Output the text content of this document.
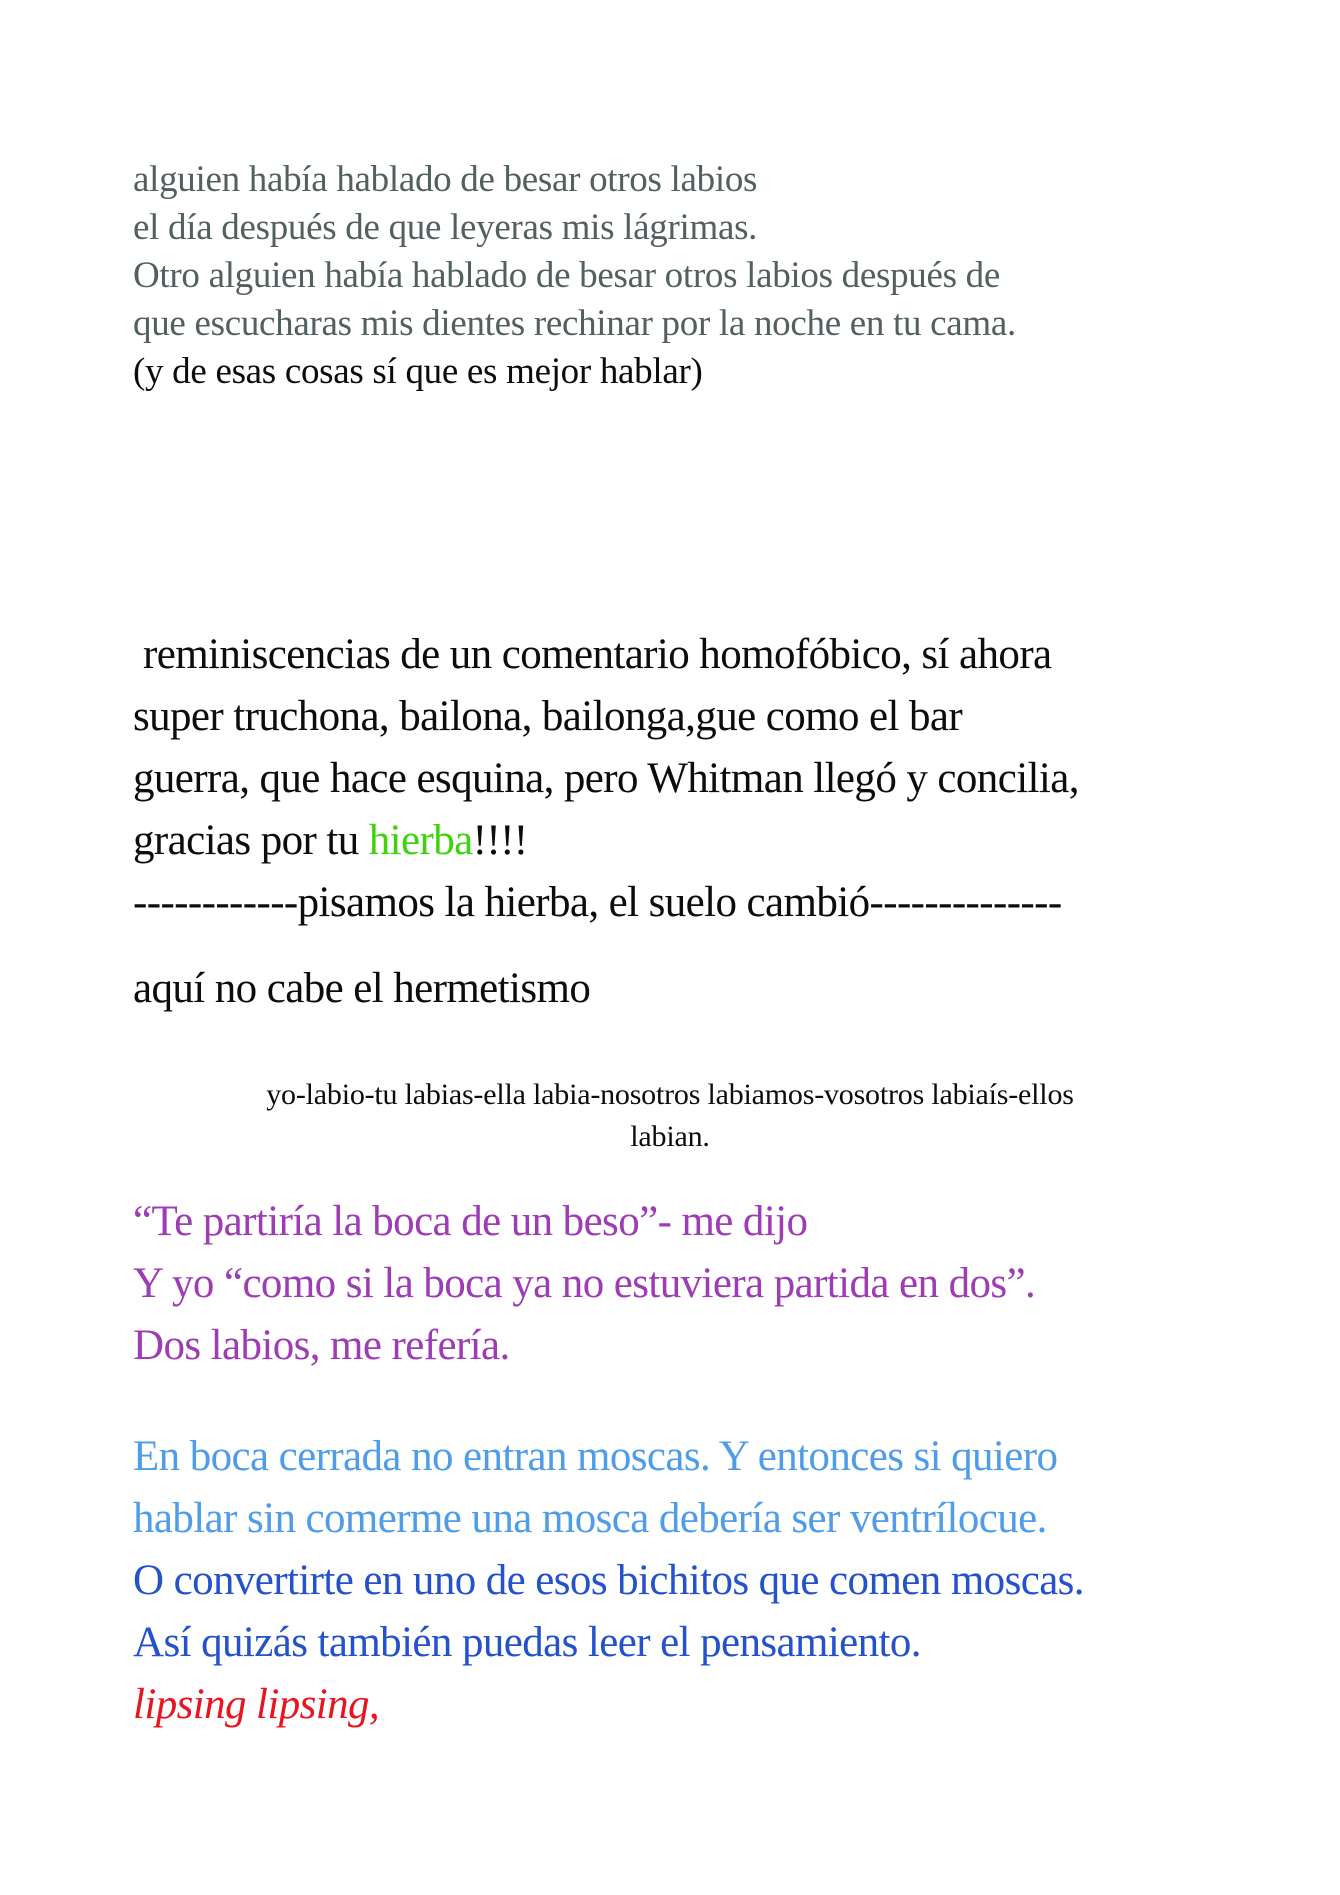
alguien había hablado de besar otros labios
el día después de que leyeras mis lágrimas.
Otro alguien había hablado de besar otros labios después de
que escucharas mis dientes rechinar por la noche en tu cama.
(y de esas cosas sí que es mejor hablar)
reminiscencias de un comentario homofóbico, sí ahora
super truchona, bailona, bailonga,gue como el bar
guerra, que hace esquina, pero Whitman llegó y concilia,
gracias por tu hierba!!!!
------------pisamos la hierba, el suelo cambió--------------
aquí no cabe el hermetismo
yo-labio-tu labias-ella labia-nosotros labiamos-vosotros labiaís-ellos
labian.
“Te partiría la boca de un beso”- me dijo
Y yo “como si la boca ya no estuviera partida en dos”.
Dos labios, me refería.
En boca cerrada no entran moscas. Y entonces si quiero
hablar sin comerme una mosca debería ser ventrílocue.
O convertirte en uno de esos bichitos que comen moscas.
Así quizás también puedas leer el pensamiento.
lipsing lipsing,
